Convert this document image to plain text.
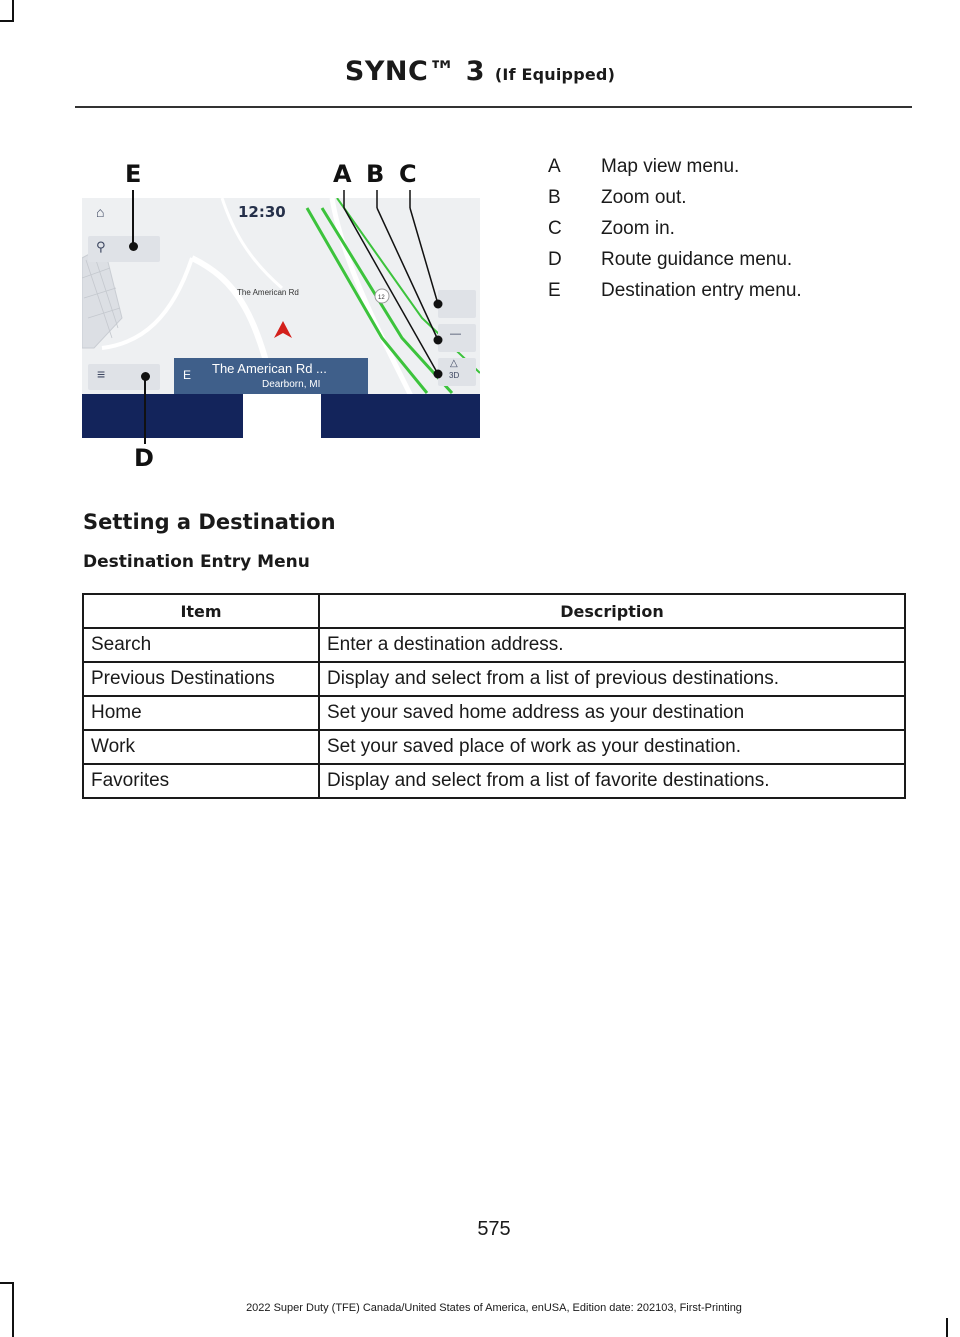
SYNC™ 3 (If Equipped)
E	A B C
D
12
⌂	12:30
⚲
The American Rd
—
△
3D
≡	E The American Rd ...
Dearborn, MI
A Map view menu.
B Zoom out.
C Zoom in.
D Route guidance menu.
E Destination entry menu.
Setting a Destination
Destination Entry Menu
Item	Description
Search	Enter a destination address.
Previous Destinations	Display and select from a list of previous destinations.
Home	Set your saved home address as your destination
Work	Set your saved place of work as your destination.
Favorites	Display and select from a list of favorite destinations.
575
2022 Super Duty (TFE) Canada/United States of America, enUSA, Edition date: 202103, First-Printing
